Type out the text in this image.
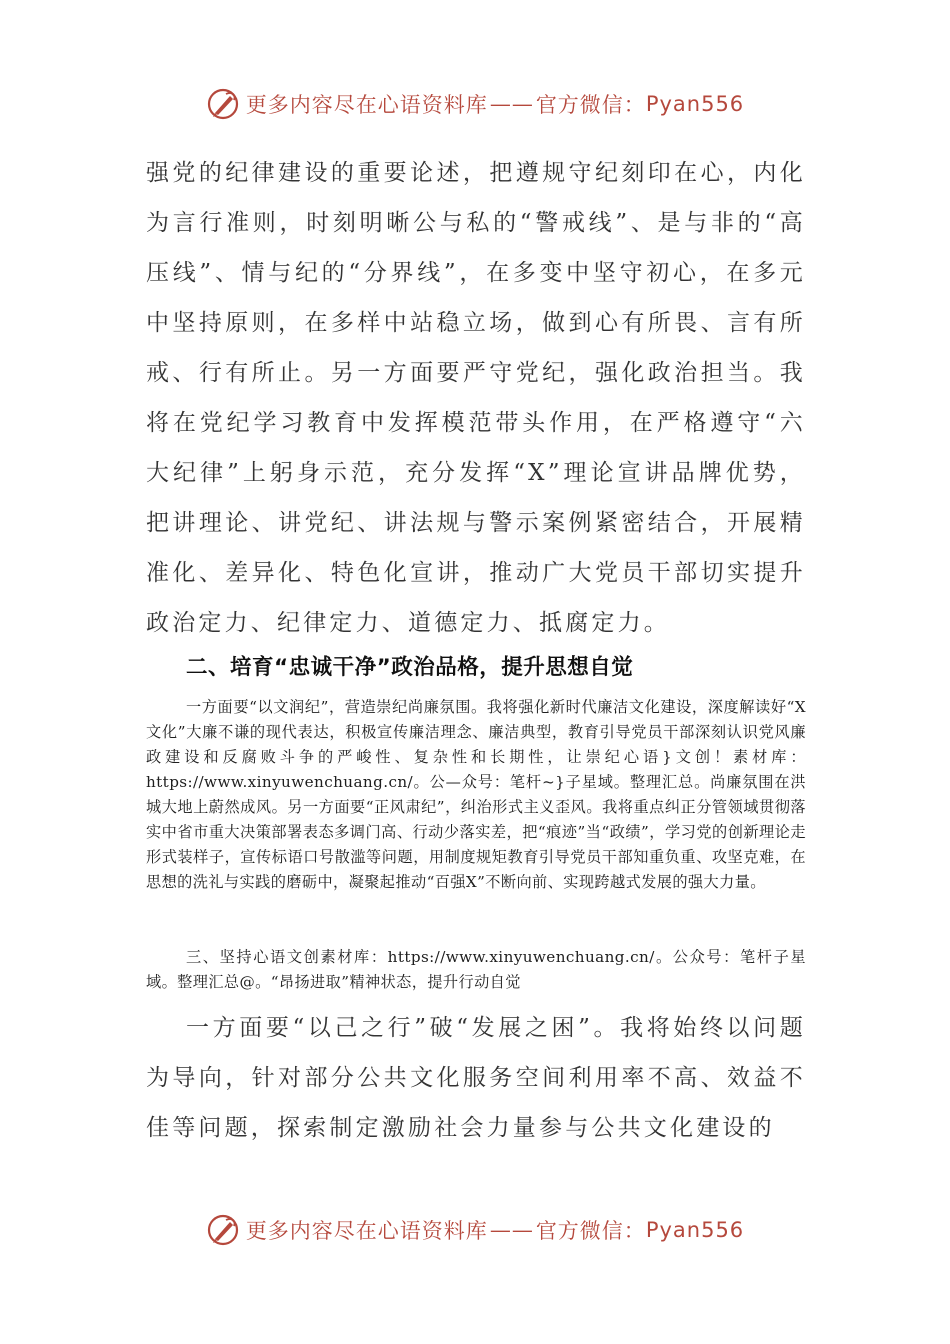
更多内容尽在心语资料库 —— 官方微信： Pyan556

强党的纪律建设的重要论述，把遵规守纪刻印在心，内化为言行准则，时刻明晰公与私的“警戒线”、是与非的“高压线”、情与纪的“分界线”，在多变中坚守初心，在多元中坚持原则，在多样中站稳立场，做到心有所畏、言有所戒、行有所止。另一方面要严守党纪，强化政治担当。我将在党纪学习教育中发挥模范带头作用，在严格遵守“六大纪律”上躬身示范，充分发挥“X”理论宣讲品牌优势，把讲理论、讲党纪、讲法规与警示案例紧密结合，开展精准化、差异化、特色化宣讲，推动广大党员干部切实提升政治定力、纪律定力、道德定力、抵腐定力。

二、培育“忠诚干净”政治品格，提升思想自觉

一方面要“以文润纪”，营造崇纪尚廉氛围。我将强化新时代廉洁文化建设，深度解读好“X文化”大廉不谦的现代表达，积极宣传廉洁理念、廉洁典型，教育引导党员干部深刻认识党风廉政建设和反腐败斗争的严峻性、复杂性和长期性，让崇纪心语}文创！素材库：https://www.xinyuwenchuang.cn/。公—众号：笔杆~}子星域。整理汇总。尚廉氛围在洪城大地上蔚然成风。另一方面要“正风肃纪”，纠治形式主义歪风。我将重点纠正分管领域贯彻落实中省市重大决策部署表态多调门高、行动少落实差，把“痕迹”当“政绩”，学习党的创新理论走形式装样子，宣传标语口号散滥等问题，用制度规矩教育引导党员干部知重负重、攻坚克难，在思想的洗礼与实践的磨砺中，凝聚起推动“百强X”不断向前、实现跨越式发展的强大力量。

三、坚持心语文创素材库：https://www.xinyuwenchuang.cn/。公众号：笔杆子星域。整理汇总@。“昂扬进取”精神状态，提升行动自觉

一方面要“以己之行”破“发展之困”。我将始终以问题为导向，针对部分公共文化服务空间利用率不高、效益不佳等问题，探索制定激励社会力量参与公共文化建设的

更多内容尽在心语资料库 —— 官方微信： Pyan556
